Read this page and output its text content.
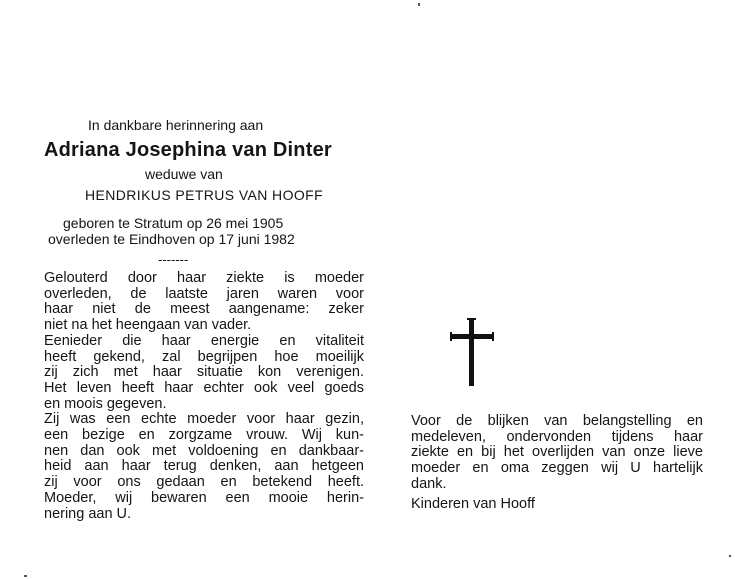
In dankbare herinnering aan
Adriana Josephina van Dinter
weduwe van
HENDRIKUS PETRUS VAN HOOFF
geboren te Stratum op 26 mei 1905
overleden te Eindhoven op 17 juni 1982
-------
Gelouterd door haar ziekte is moeder
overleden, de laatste jaren waren voor
haar niet de meest aangename: zeker
niet na het heengaan van vader.
Eenieder die haar energie en vitaliteit
heeft gekend, zal begrijpen hoe moeilijk
zij zich met haar situatie kon verenigen.
Het leven heeft haar echter ook veel goeds
en moois gegeven.
Zij was een echte moeder voor haar gezin,
een bezige en zorgzame vrouw. Wij kun-
nen dan ook met voldoening en dankbaar-
heid aan haar terug denken, aan hetgeen
zij voor ons gedaan en betekend heeft.
Moeder, wij bewaren een mooie herin-
nering aan U.
Voor de blijken van belangstelling en
medeleven, ondervonden tijdens haar
ziekte en bij het overlijden van onze lieve
moeder en oma zeggen wij U hartelijk
dank.
Kinderen van Hooff
